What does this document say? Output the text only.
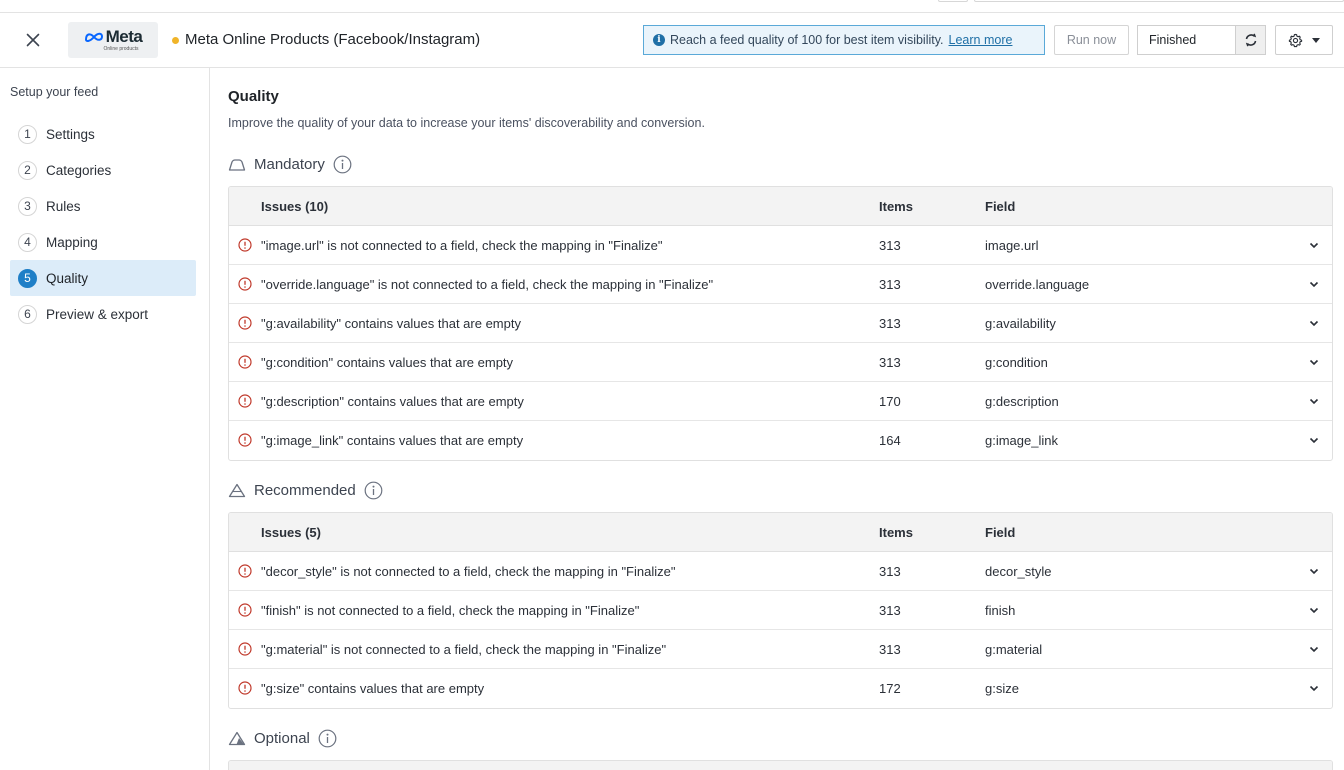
Meta
Online products
Meta Online Products (Facebook/Instagram)	i Reach a feed quality of 100 for best item visibility. Learn more	Run now	Finished
Setup your feed
1	Settings
2	Categories
3	Rules
4	Mapping
5	Quality
6	Preview & export
Quality
Improve the quality of your data to increase your items' discoverability and conversion.
Mandatory
Issues (10)	Items	Field
"image.url" is not connected to a field, check the mapping in "Finalize"	313	image.url
"override.language" is not connected to a field, check the mapping in "Finalize"	313	override.language
"g:availability" contains values that are empty	313	g:availability
"g:condition" contains values that are empty	313	g:condition
"g:description" contains values that are empty	170	g:description
"g:image_link" contains values that are empty	164	g:image_link
Recommended
Issues (5)	Items	Field
"decor_style" is not connected to a field, check the mapping in "Finalize"	313	decor_style
"finish" is not connected to a field, check the mapping in "Finalize"	313	finish
"g:material" is not connected to a field, check the mapping in "Finalize"	313	g:material
"g:size" contains values that are empty	172	g:size
Optional
